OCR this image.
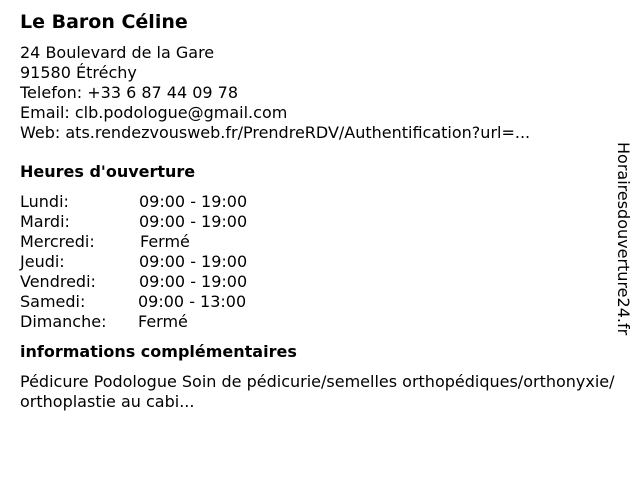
Le Baron Céline
24 Boulevard de la Gare
91580 Étréchy
Telefon: +33 6 87 44 09 78
Email: clb.podologue@gmail.com
Web: ats.rendezvousweb.fr/PrendreRDV/Authentification?url=...
Heures d'ouverture
Lundi:	09:00 - 19:00
Mardi:	09:00 - 19:00
Mercredi:	Fermé
Jeudi:	09:00 - 19:00
Vendredi:	09:00 - 19:00
Samedi:	09:00 - 13:00
Dimanche:	Fermé
informations complémentaires
Pédicure Podologue Soin de pédicurie/semelles orthopédiques/orthonyxie/orthoplastie au cabi...
Horairesdouverture24.fr
